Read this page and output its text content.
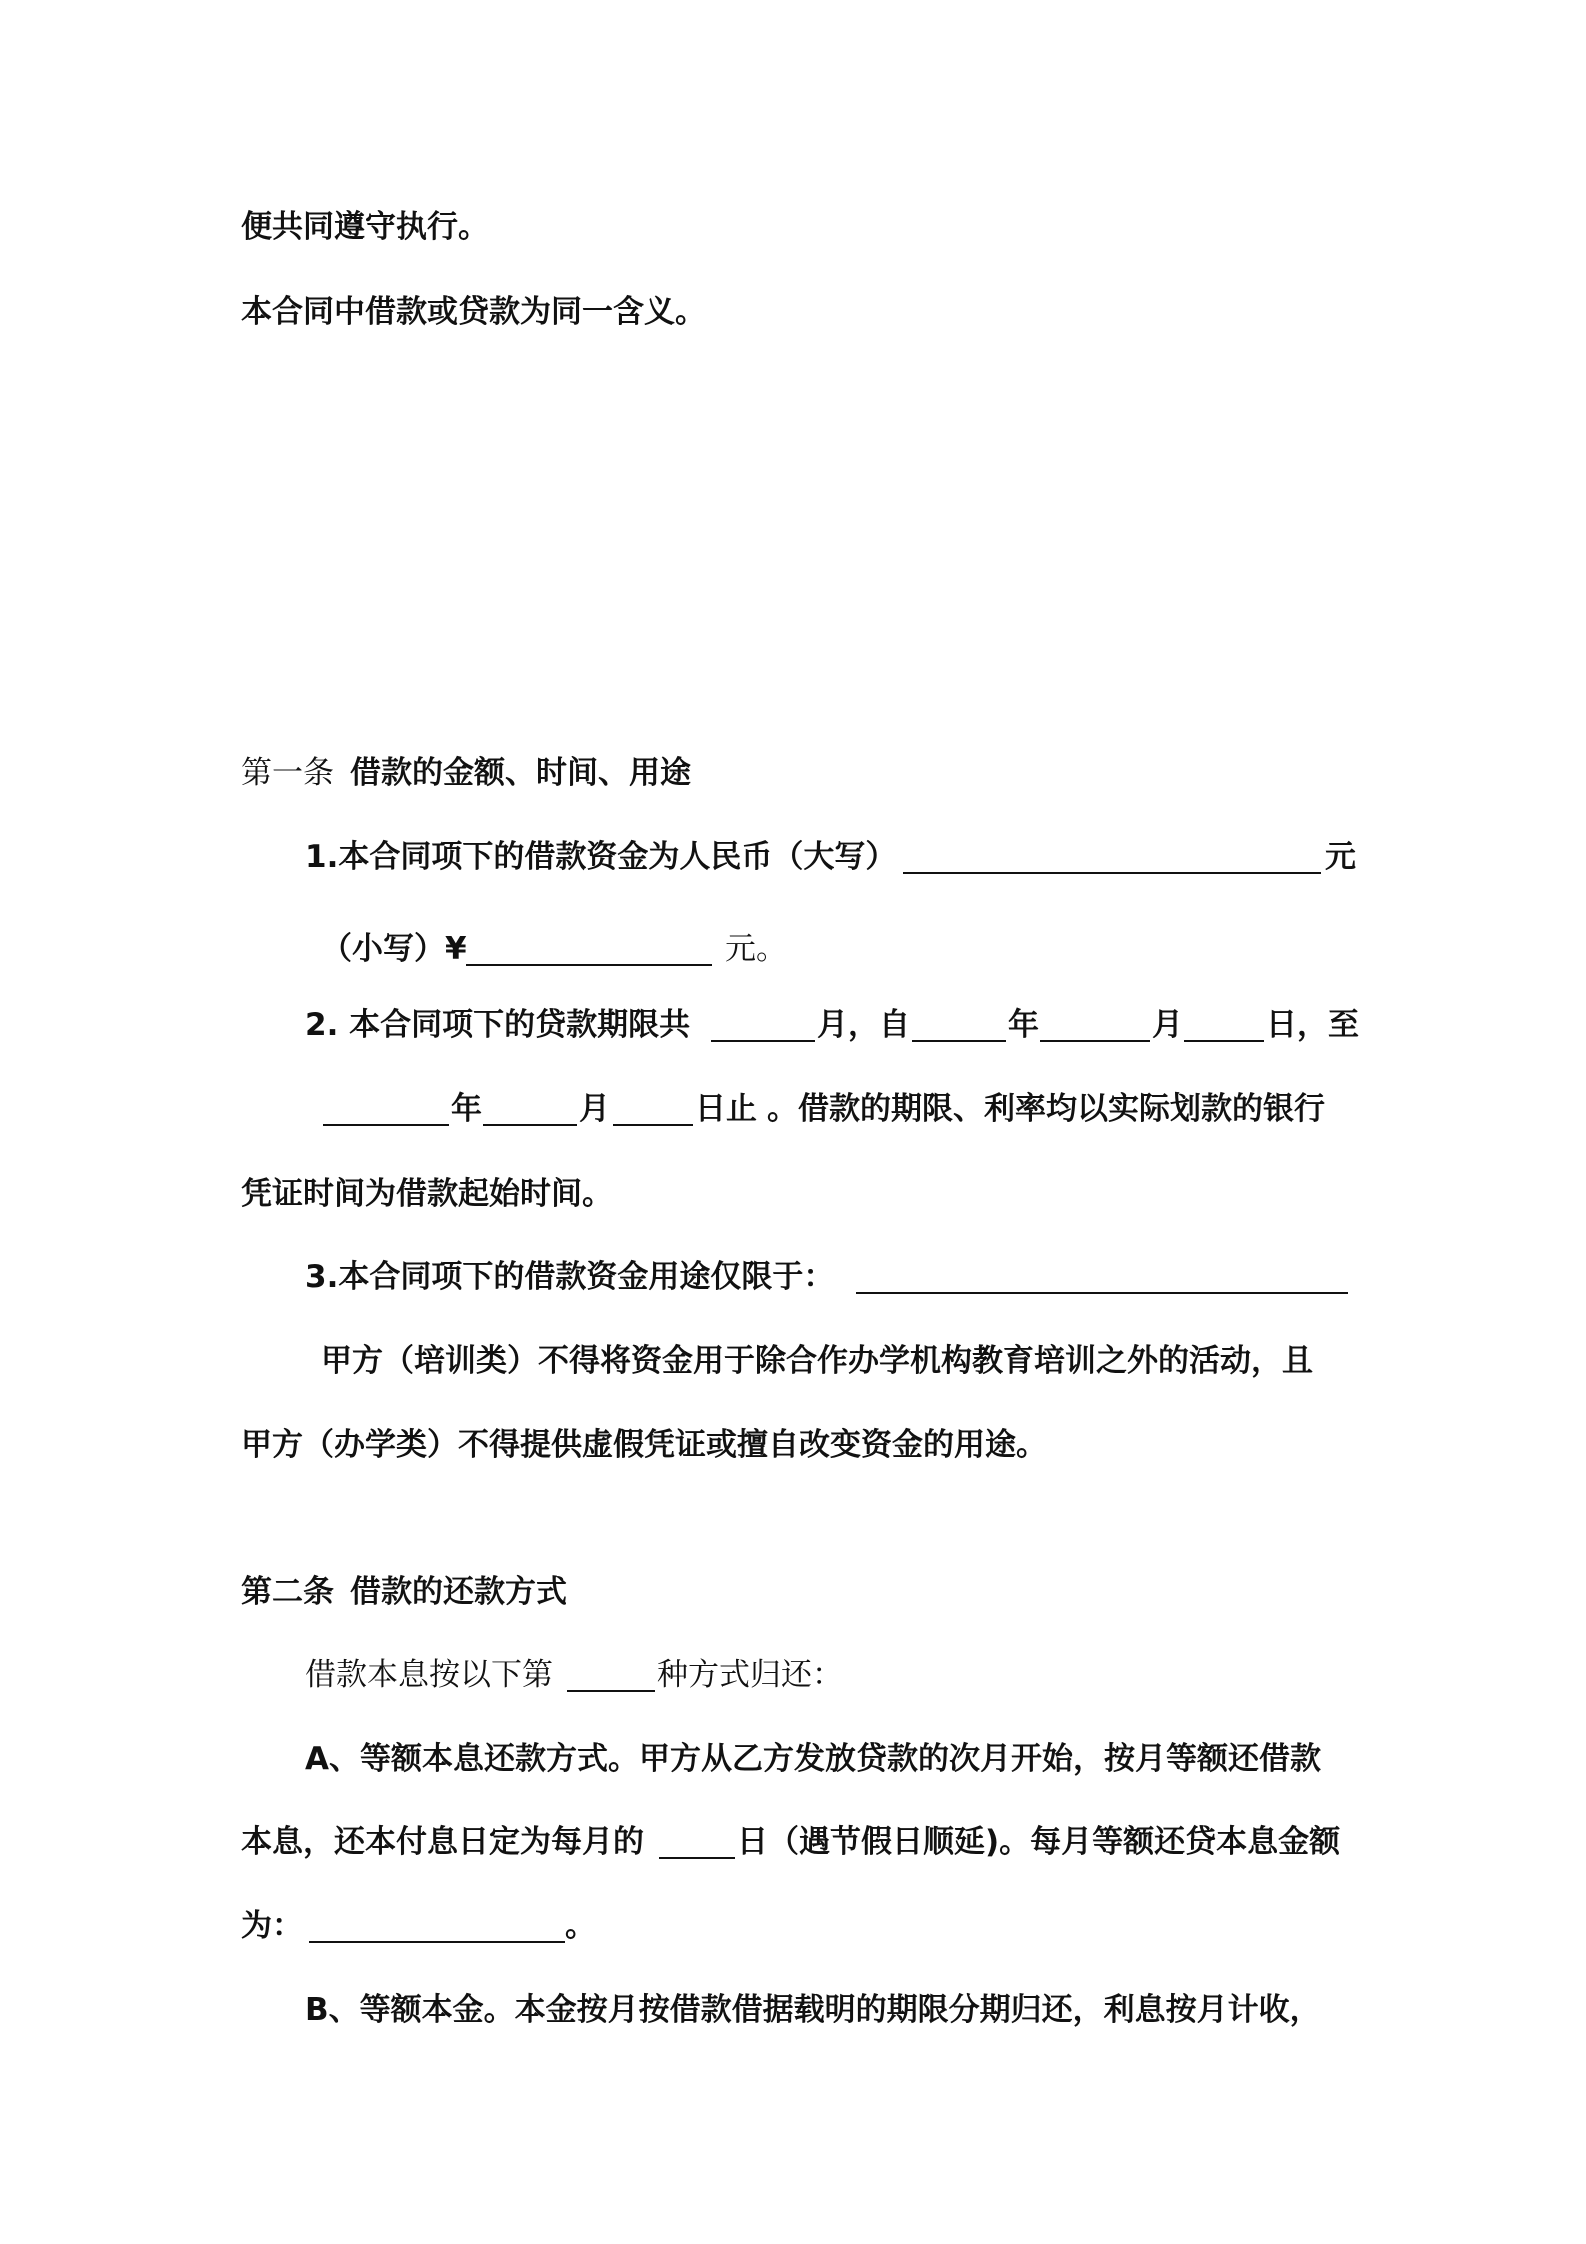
便共同遵守执行。
本合同中借款或贷款为同一含义。
第一条 借款的金额、时间、用途
1.本合同项下的借款资金为人民币（大写）	元
（小写）¥	元。
2. 本合同项下的贷款期限共	月，自	年	月	日，至
年	月	日止 。借款的期限、利率均以实际划款的银行
凭证时间为借款起始时间。
3.本合同项下的借款资金用途仅限于：
甲方（培训类）不得将资金用于除合作办学机构教育培训之外的活动，且
甲方（办学类）不得提供虚假凭证或擅自改变资金的用途。
第二条 借款的还款方式
借款本息按以下第	种方式归还：
A、等额本息还款方式。甲方从乙方发放贷款的次月开始，按月等额还借款
本息，还本付息日定为每月的	日（遇节假日顺延)。每月等额还贷本息金额
为：	。
B、等额本金。本金按月按借款借据载明的期限分期归还，利息按月计收，
